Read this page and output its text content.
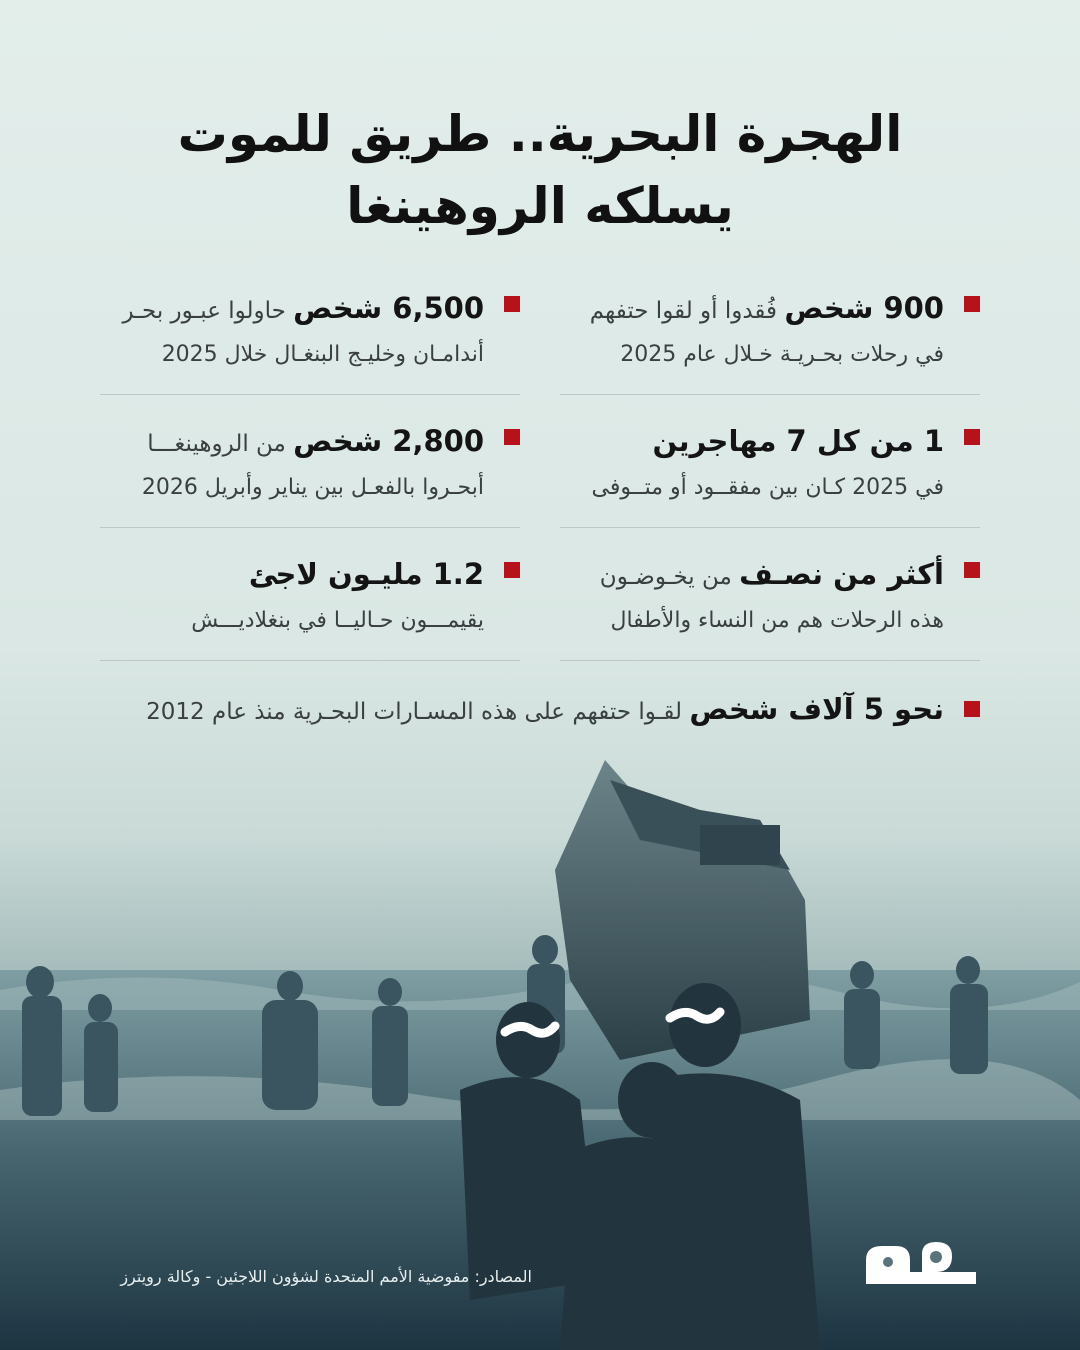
الهجرة البحرية.. طريق للموت
يسلكه الروهينغا
900 شخص فُقدوا أو لقوا حتفهم
في رحلات بحـريـة خـلال عام 2025
6,500 شخص حاولوا عبـور بحـر
أندامـان وخليـج البنغـال خلال 2025
1 من كل 7 مهاجرين
في 2025 كـان بين مفقــود أو متــوفى
2,800 شخص من الروهينغـــا
أبحـروا بالفعـل بين يناير وأبريل 2026
أكثر من نصـف من يخـوضـون
هذه الرحلات هم من النساء والأطفال
1.2 مليـون لاجئ
يقيمـــون حـاليــا في بنغلاديـــش
نحو 5 آلاف شخص لقـوا حتفهم على هذه المسـارات البحـرية منذ عام 2012
المصادر: مفوضية الأمم المتحدة لشؤون اللاجئين - وكالة رويترز
